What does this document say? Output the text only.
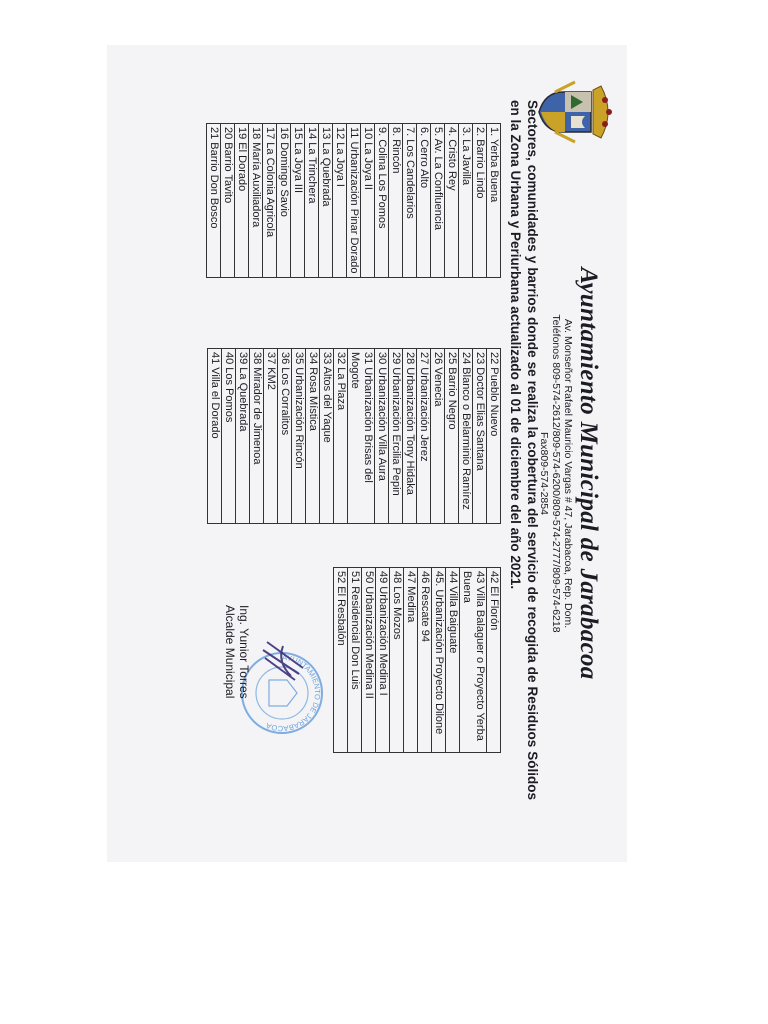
Ayuntamiento Municipal de Jarabacoa
Av. Monseñor Rafael Mauricio Vargas # 47, Jarabacoa, Rep. Dom.
Teléfonos 809-574-2612/809-574-6200/809-574-2777/809-574-6218
Fax809-574-2854
Sectores, comunidades y barrios donde se realiza la cobertura del servicio de recogida de Residuos Sólidos en la Zona Urbana y Periurbana actualizado al 01 de diciembre del año 2021.
1. Yerba Buena
2. Barrio Lindo
3. La Javilla
4. Cristo Rey
5. Av. La Confluencia
6. Cerro Alto
7. Los Candelarios
8. Rincón
9. Colina Los Pomos
10 La Joya II
11 Urbanización Pinar Dorado
12 La Joya I
13 La Quebrada
14 La Trinchera
15 La Joya III
16 Domingo Savio
17 La Colonia Agricola
18 María Auxiliadora
19 El Dorado
20 Barrio Tavito
21 Barrio Don Bosco
22 Pueblo Nuevo
23 Doctor Elias Santana
24 Blanco o Belarminio Ramírez
25 Barrio Negro
26 Venecia
27 Urbanización Jerez
28 Urbanización Tony Hidaka
29 Urbanización Ercilia Pepin
30 Urbanización Villa Aura
31 Urbanización Brisas del Mogote
32 La Plaza
33 Altos del Yaque
34 Rosa Mística
35 Urbanización Rincón
36 Los Corralitos
37 KM2
38 Mirador de Jimenoa
39 La Quebrada
40 Los Pomos
41 Villa el Dorado
42 El Florón
43 Villa Balaguer o Proyecto Yerba Buena
44 Villa Baiguate
45. Urbanización Proyecto Dilone
46 Rescate 94
47 Medina
48 Los Mozos
49 Urbanización Medina I
50 Urbanización Medina II
51 Residencial Don Luis
52 El Resbalón
AYUNTAMIENTO DE JARABACOA
Ing. Yunior Torres
Alcalde Municipal
